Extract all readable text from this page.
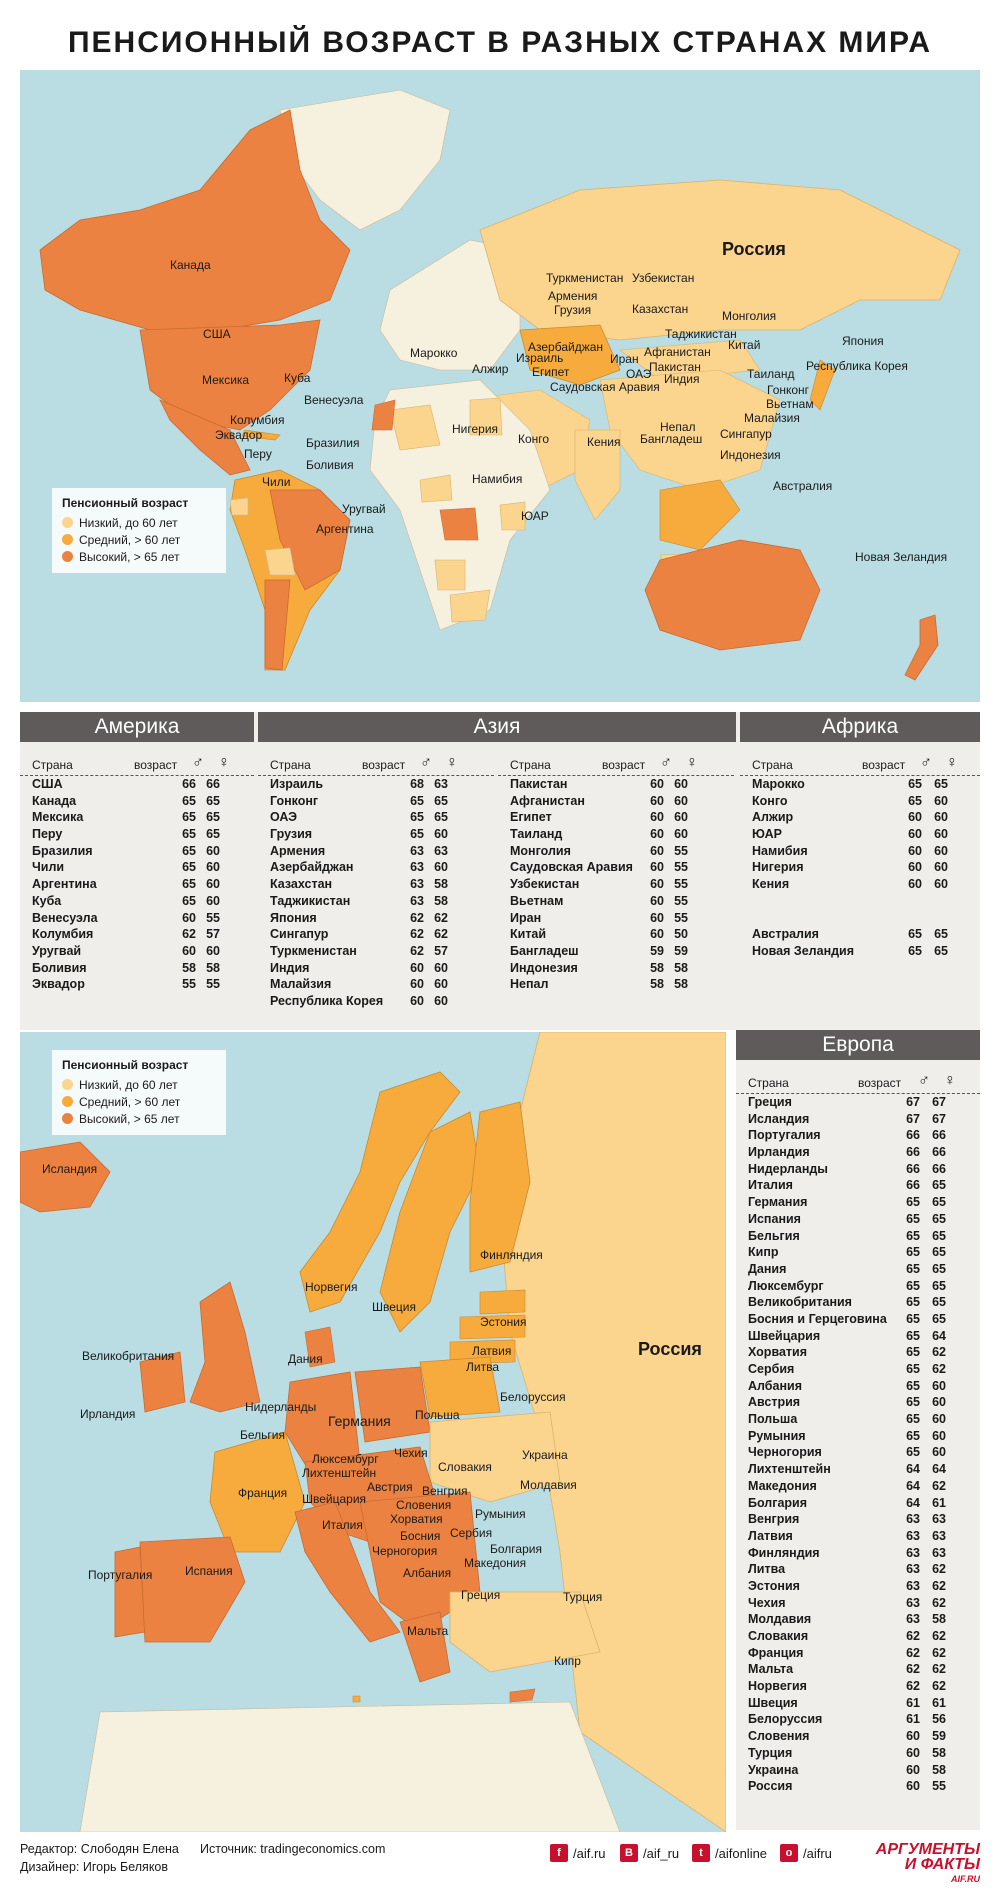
ПЕНСИОННЫЙ ВОЗРАСТ В РАЗНЫХ СТРАНАХ МИРА
Канада
США
Мексика	Куба
Венесуэла
Колумбия
Эквадор
Перу
Бразилия
Боливия
Чили
Уругвай
Аргентина
Россия
Туркменистан Узбекистан
Армения
Грузия	Казахстан	Монголия
Таджикистан
Азербайджан
Израиль
Марокко
Алжир Египет
Иран Афганистан Китай
ОАЭ
Пакистан
Индия
Саудовская Аравия
Япония
Республика Корея
Таиланд
Гонконг
Вьетнам
Малайзия
Сингапур
Непал
Бангладеш
Индонезия
Нигерия
Конго	Кения
Намибия
ЮАР
Австралия
Новая Зеландия
Пенсионный возраст
Низкий, до 60 лет
Средний, > 60 лет
Высокий, > 65 лет
Америка
Страна	возраст ♂ ♀
США	66 66
Канада	65 65
Мексика	65 65
Перу	65 65
Бразилия	65 60
Чили	65 60
Аргентина	65 60
Куба	65 60
Венесуэла	60 55
Колумбия	62 57
Уругвай	60 60
Боливия	58 58
Эквадор	55 55
Азия
Страна	возраст ♂ ♀
Израиль	68 63
Гонконг	65 65
ОАЭ	65 65
Грузия	65 60
Армения	63 63
Азербайджан	63 60
Казахстан	63 58
Таджикистан	63 58
Япония	62 62
Сингапур	62 62
Туркменистан	62 57
Индия	60 60
Малайзия	60 60
Республика Корея	60 60
Страна	возраст ♂ ♀
Пакистан	60 60
Афганистан	60 60
Египет	60 60
Таиланд	60 60
Монголия	60 55
Саудовская Аравия	60 55
Узбекистан	60 55
Вьетнам	60 55
Иран	60 55
Китай	60 50
Бангладеш	59 59
Индонезия	58 58
Непал	58 58
Африка
Страна	возраст ♂ ♀
Марокко	65 65
Конго	65 60
Алжир	60 60
ЮАР	60 60
Намибия	60 60
Нигерия	60 60
Кения	60 60
Австралия	65 65
Новая Зеландия	65 65
Исландия
Норвегия
Швеция
Финляндия
Эстония
Россия
Латвия
Литва
Великобритания	Дания
Ирландия	Нидерланды
Бельгия
Германия Польша
Белоруссия
Люксембург
Лихтенштейн
Чехия
Словакия
Украина
Франция	Австрия Венгрия	Молдавия
Швейцария Словения
Румыния
Хорватия
Италия
Сербия
Босния
Болгария
Черногория
Македония
Албания
Португалия	Испания
Греция	Турция
Мальта
Кипр
Пенсионный возраст
Низкий, до 60 лет
Средний, > 60 лет
Высокий, > 65 лет
Европа
Страна	возраст ♂ ♀
Греция	67 67
Исландия	67 67
Португалия	66 66
Ирландия	66 66
Нидерланды	66 66
Италия	66 65
Германия	65 65
Испания	65 65
Бельгия	65 65
Кипр	65 65
Дания	65 65
Люксембург	65 65
Великобритания	65 65
Босния и Герцеговина	65 65
Швейцария	65 64
Хорватия	65 62
Сербия	65 62
Албания	65 60
Австрия	65 60
Польша	65 60
Румыния	65 60
Черногория	65 60
Лихтенштейн	64 64
Македония	64 62
Болгария	64 61
Венгрия	63 63
Латвия	63 63
Финляндия	63 63
Литва	63 62
Эстония	63 62
Чехия	63 62
Молдавия	63 58
Словакия	62 62
Франция	62 62
Мальта	62 62
Норвегия	62 62
Швеция	61 61
Белоруссия	61 56
Словения	60 59
Турция	60 58
Украина	60 58
Россия	60 55
Редактор: Слободян Елена
Дизайнер: Игорь Беляков
Источник: tradingeconomics.com	f /aif.ru	B /aif_ru	t /aifonline	o /aifru	АРГУМЕНТЫ
И ФАКТЫ
AIF.RU
